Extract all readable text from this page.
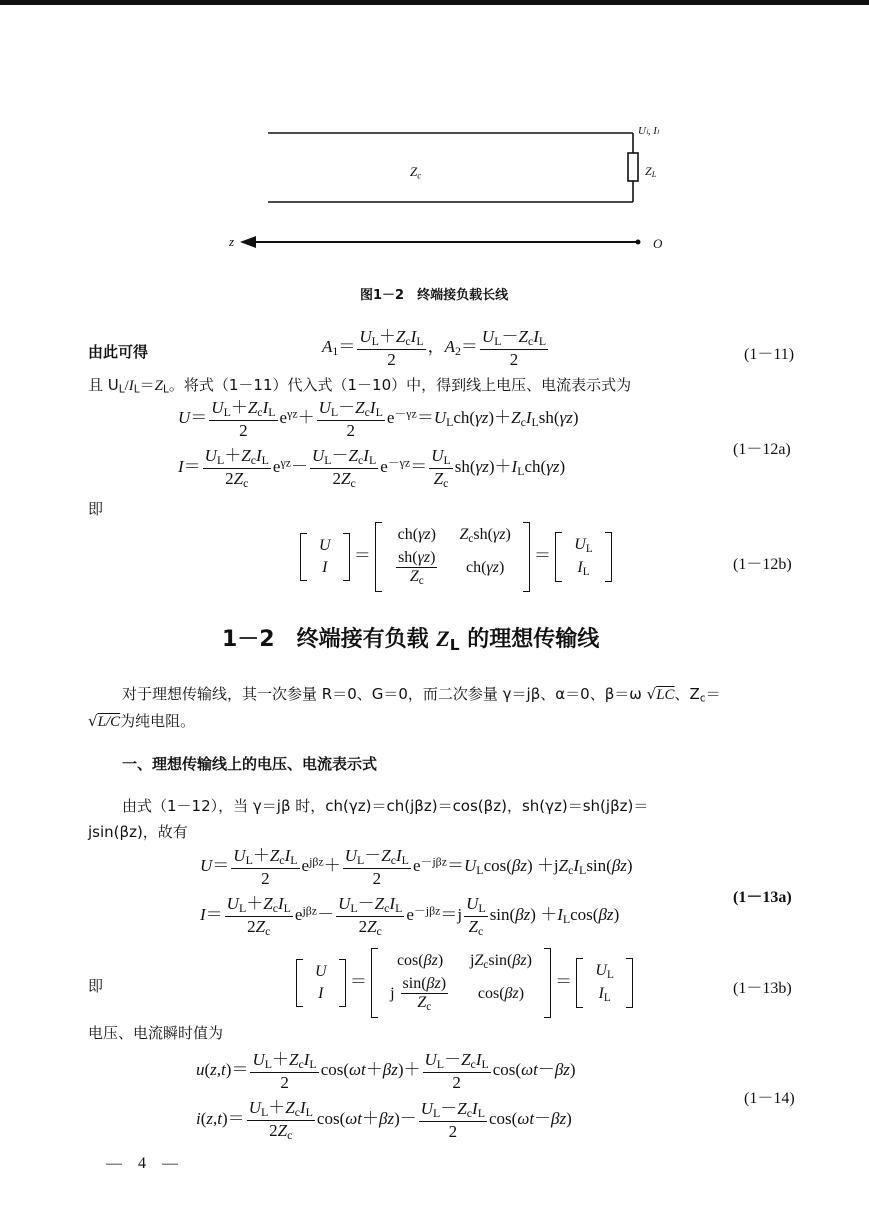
Uₗ, Iₗ
$Z_c$	$Z_L$
z	O
图1－2　终端接负载长线
由此可得	$A_1= \frac{U_L+Z_cI_L}{2}$ ，$A_2= \frac{U_L-Z_cI_L}{2}$	(1－11)
且 $U_L/I_L=Z_L$。将式（1－11）代入式（1－10）中，得到线上电压、电流表示式为
$U= \frac{U_L+Z_cI_L}{2} e^{\gamma z}+ \frac{U_L-Z_cI_L}{2} e^{-\gamma z}=U_Lch(\gamma z)+Z_cI_Lsh(\gamma z)$
$I= \frac{U_L+Z_cI_L}{2Z_c} e^{\gamma z}- \frac{U_L-Z_cI_L}{2Z_c} e^{-\gamma z}= \frac{U_L}{Z_c} sh(\gamma z)+I_Lch(\gamma z)$
(1－12a)
即
U
I
＝
ch(γz)	$Z_csh(\gamma z)$

$\frac{sh(\gamma z)}{Z_c}$	ch(γz)
＝
$U_L$
$I_L$	(1－12b)
1－2　终端接有负载 $Z_L$ 的理想传输线
对于理想传输线，其一次参量 R＝0、G＝0，而二次参量 γ＝jβ、α＝0、β＝ω √LC、$Z_c=$
√L/C为纯电阻。
一、理想传输线上的电压、电流表示式
由式（1－12），当 γ＝jβ 时，ch(γz)＝ch(jβz)＝cos(βz)，sh(γz)＝sh(jβz)＝
jsin(βz)，故有
$U= \frac{U_L+Z_cI_L}{2} e^{j\beta z}+ \frac{U_L-Z_cI_L}{2} e^{-j\beta z}=U_L\cos(\beta z) +jZ_cI_L\sin(\beta z)$
$I= \frac{U_L+Z_cI_L}{2Z_c} e^{j\beta z}- \frac{U_L-Z_cI_L}{2Z_c} e^{-j\beta z}=j \frac{U_L}{Z_c} \sin(\beta z) +I_L\cos(\beta z)$
(1－13a)
即
U
I
＝
cos(βz)	$jZ_c\sin(\beta z)$
j $\frac{\sin(\beta z)}{Z_c}$	cos(βz)
＝
$U_L$
$I_L$
(1－13b)
电压、电流瞬时值为
$u(z,t)= \frac{U_L+Z_cI_L}{2} \cos(\omega t+\beta z)+ \frac{U_L-Z_cI_L}{2} \cos(\omega t-\beta z)$
$i(z,t)= \frac{U_L+Z_cI_L}{2Z_c} \cos(\omega t+\beta z)- \frac{U_L-Z_cI_L}{2} \cos(\omega t-\beta z)$
(1－14)
—　4　—
